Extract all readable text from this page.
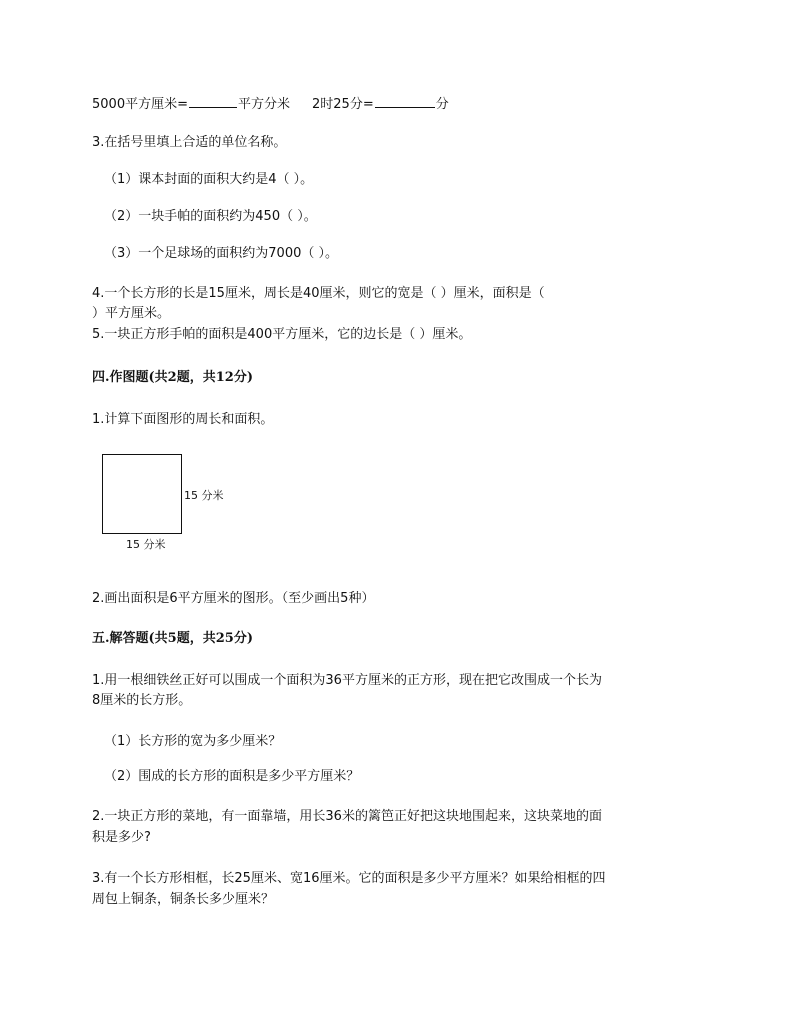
5000平方厘米=	平方分米 2时25分=	分
3.在括号里填上合适的单位名称。
（1）课本封面的面积大约是4（ ）。
（2）一块手帕的面积约为450（ ）。
（3）一个足球场的面积约为7000（ ）。
4.一个长方形的长是15厘米，周长是40厘米，则它的宽是（ ）厘米，面积是（
）平方厘米。
5.一块正方形手帕的面积是400平方厘米，它的边长是（ ）厘米。
四.作图题(共2题，共12分)
1.计算下面图形的周长和面积。
15 分米
15 分米
2.画出面积是6平方厘米的图形。（至少画出5种）
五.解答题(共5题，共25分)
1.用一根细铁丝正好可以围成一个面积为36平方厘米的正方形，现在把它改围成一个长为
8厘米的长方形。
（1）长方形的宽为多少厘米？
（2）围成的长方形的面积是多少平方厘米？
2.一块正方形的菜地，有一面靠墙，用长36米的篱笆正好把这块地围起来，这块菜地的面
积是多少?
3.有一个长方形相框，长25厘米、宽16厘米。它的面积是多少平方厘米？如果给相框的四
周包上铜条，铜条长多少厘米？
